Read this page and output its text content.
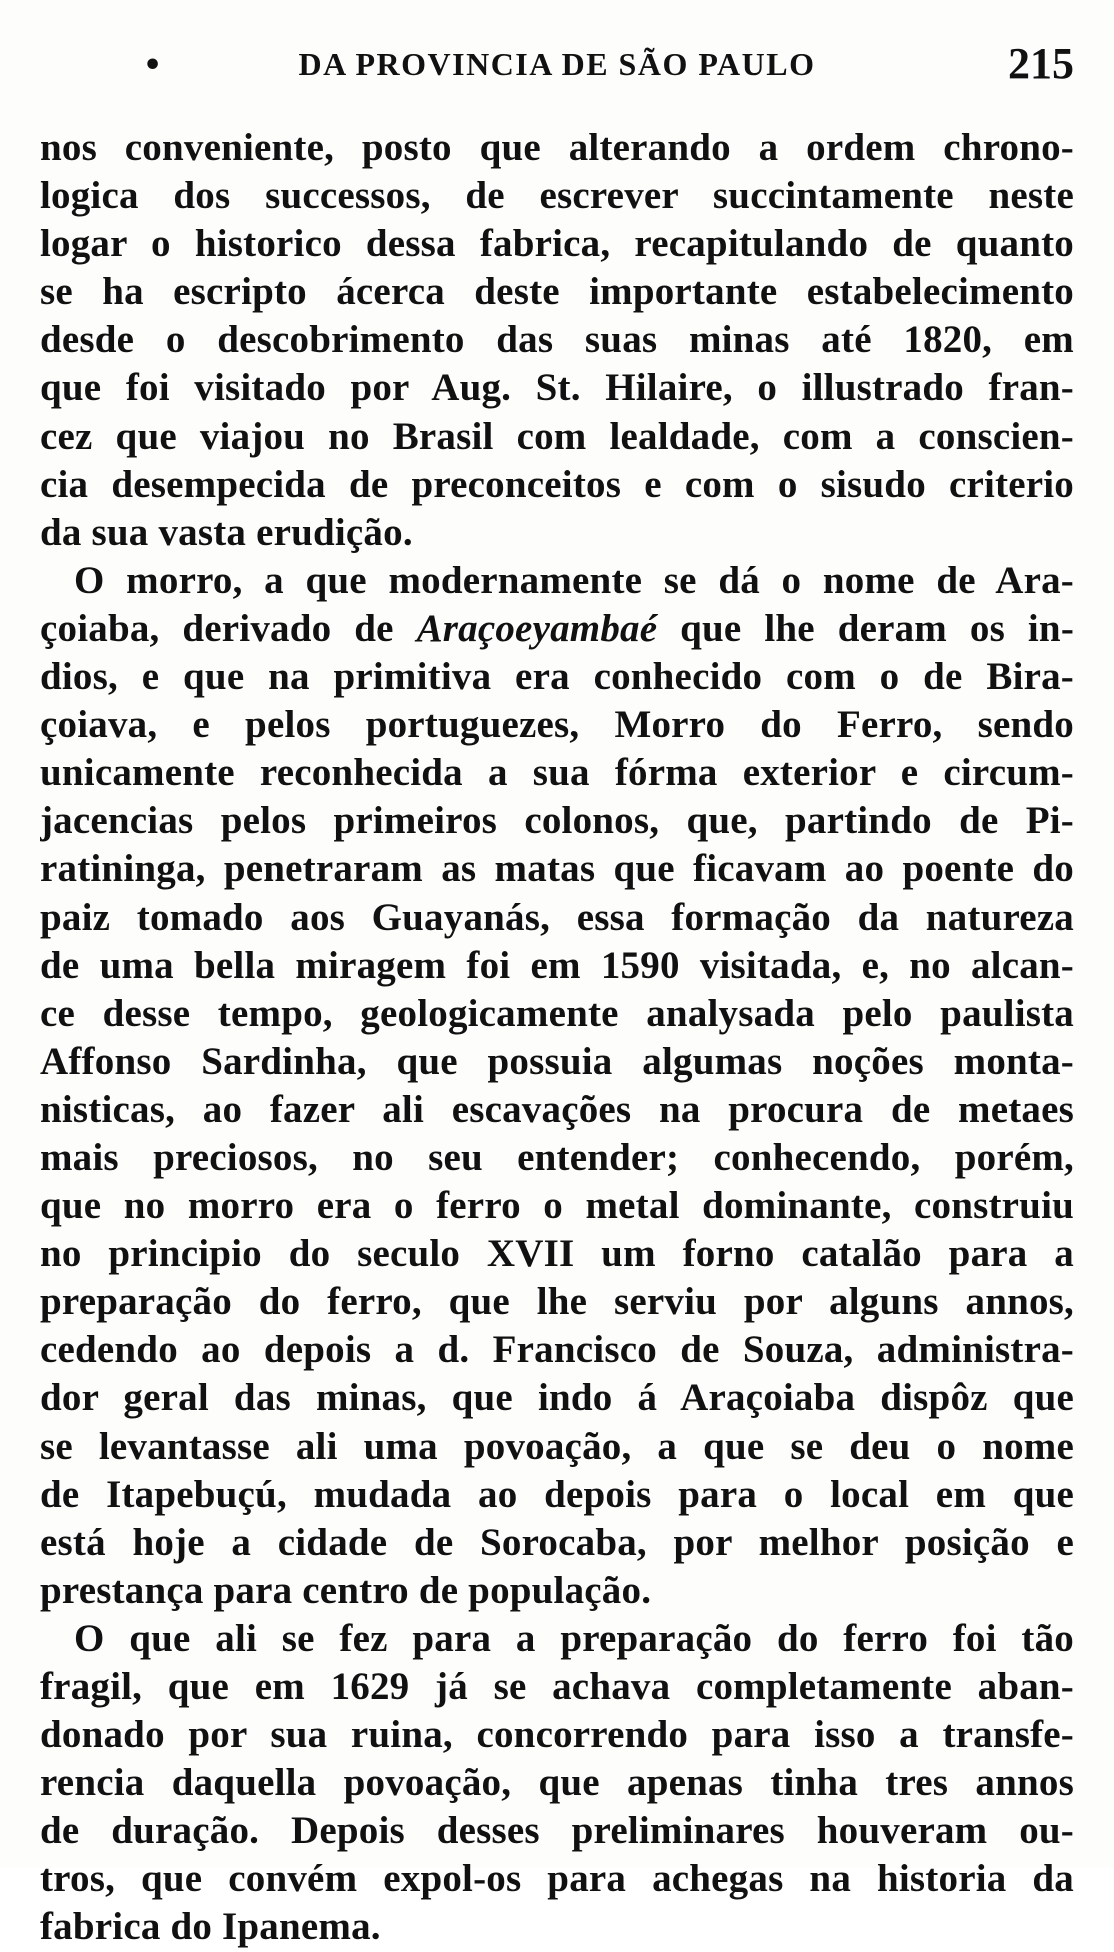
•	DA PROVINCIA DE SÃO PAULO	215
nos conveniente, posto que alterando a ordem chrono-
logica dos successos, de escrever succintamente neste
logar o historico dessa fabrica, recapitulando de quanto
se ha escripto ácerca deste importante estabelecimento
desde o descobrimento das suas minas até 1820, em
que foi visitado por Aug. St. Hilaire, o illustrado fran-
cez que viajou no Brasil com lealdade, com a conscien-
cia desempecida de preconceitos e com o sisudo criterio
da sua vasta erudição.
O morro, a que modernamente se dá o nome de Ara-
çoiaba, derivado de Araçoeyambaé que lhe deram os in-
dios, e que na primitiva era conhecido com o de Bira-
çoiava, e pelos portuguezes, Morro do Ferro, sendo
unicamente reconhecida a sua fórma exterior e circum-
jacencias pelos primeiros colonos, que, partindo de Pi-
ratininga, penetraram as matas que ficavam ao poente do
paiz tomado aos Guayanás, essa formação da natureza
de uma bella miragem foi em 1590 visitada, e, no alcan-
ce desse tempo, geologicamente analysada pelo paulista
Affonso Sardinha, que possuia algumas noções monta-
nisticas, ao fazer ali escavações na procura de metaes
mais preciosos, no seu entender; conhecendo, porém,
que no morro era o ferro o metal dominante, construiu
no principio do seculo XVII um forno catalão para a
preparação do ferro, que lhe serviu por alguns annos,
cedendo ao depois a d. Francisco de Souza, administra-
dor geral das minas, que indo á Araçoiaba dispôz que
se levantasse ali uma povoação, a que se deu o nome
de Itapebuçú, mudada ao depois para o local em que
está hoje a cidade de Sorocaba, por melhor posição e
prestança para centro de população.
O que ali se fez para a preparação do ferro foi tão
fragil, que em 1629 já se achava completamente aban-
donado por sua ruina, concorrendo para isso a transfe-
rencia daquella povoação, que apenas tinha tres annos
de duração. Depois desses preliminares houveram ou-
tros, que convém expol-os para achegas na historia da
fabrica do Ipanema.
